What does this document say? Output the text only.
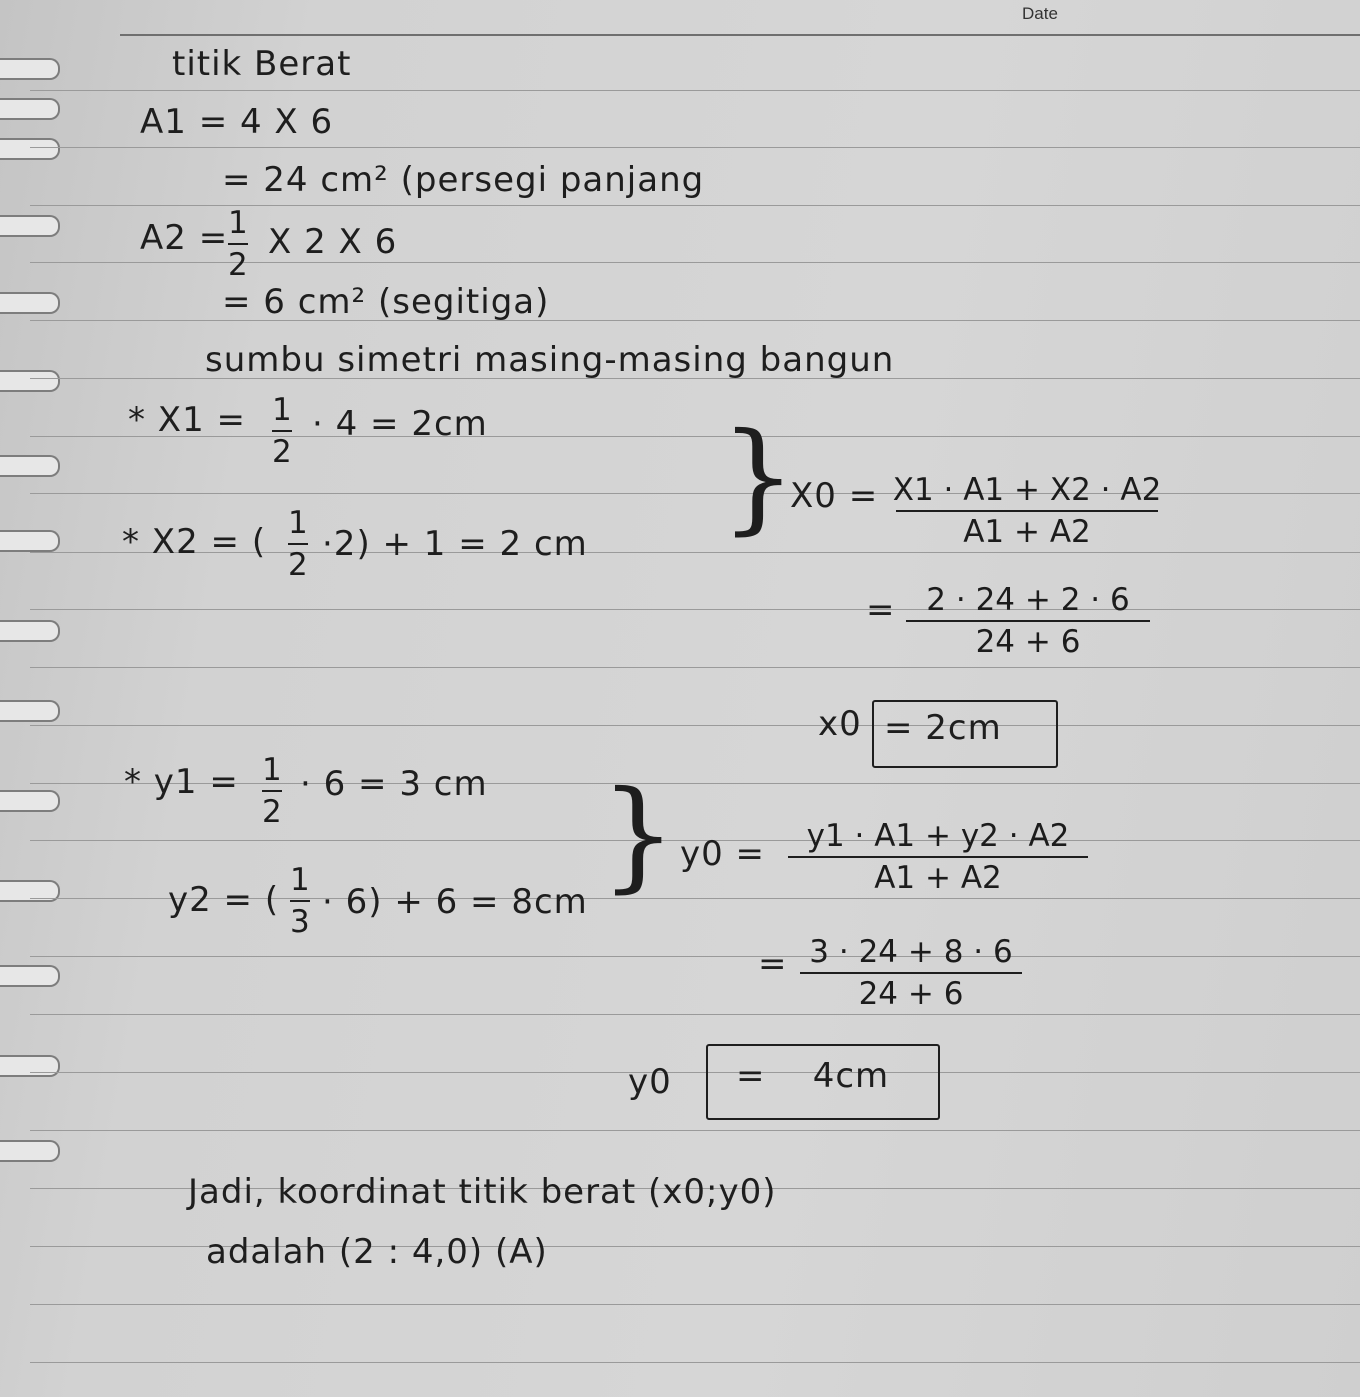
Date
titik Berat
A1 = 4 X 6
= 24 cm² (persegi panjang
A2 = 1
2
X 2 X 6
= 6 cm² (segitiga)
sumbu simetri masing-masing bangun
* X1 = 1
2
· 4 = 2cm
* X2 = ( 1
2
·2) + 1 = 2 cm }
X0 = X1 · A1 + X2 · A2
A1 + A2
= 2 · 24 + 2 · 6
24 + 6
x0 = 2cm
* y1 = 1
2
· 6 = 3 cm
y2 = ( 1
3 · 6) + 6 = 8cm } y0 = y1 · A1 + y2 · A2
A1 + A2
= 3 · 24 + 8 · 6
24 + 6
y0 =    4cm
Jadi, koordinat titik berat (x0;y0)
adalah (2 : 4,0) (A)
